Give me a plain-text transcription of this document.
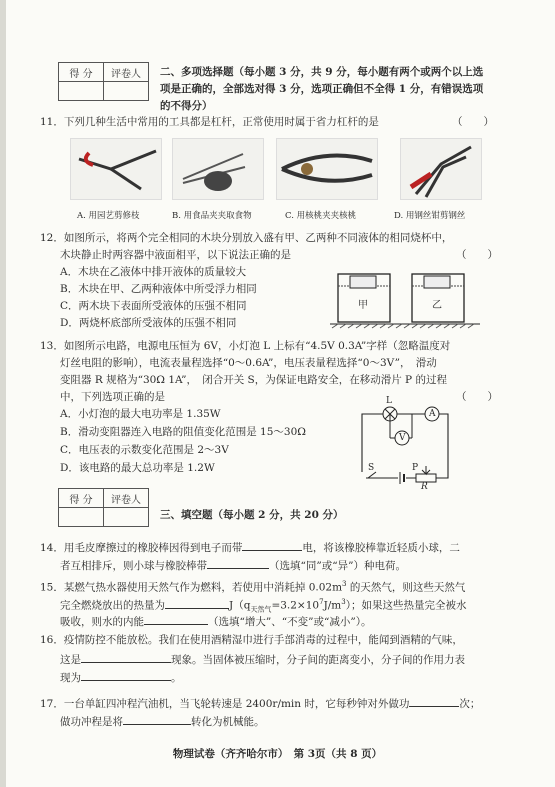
得 分	评卷人
	二、多项选择题（每小题 3 分，共 9 分，每小题有两个或两个以上选
项是正确的，全部选对得 3 分，选项正确但不全得 1 分，有错误选项
的不得分）
11．下列几种生活中常用的工具都是杠杆，正常使用时属于省力杠杆的是	（　　）
A. 用园艺剪修枝	B. 用食品夹夹取食物	C. 用核桃夹夹核桃	D. 用钢丝钳剪钢丝
12．如图所示，将两个完全相同的木块分别放入盛有甲、乙两种不同液体的相同烧杯中，
木块静止时两容器中液面相平，以下说法正确的是	（　　）
A．木块在乙液体中排开液体的质量较大
B．木块在甲、乙两种液体中所受浮力相同
C．两木块下表面所受液体的压强不相同
D．两烧杯底部所受液体的压强不相同
甲	乙
13．如图所示电路，电源电压恒为 6V，小灯泡 L 上标有“4.5V 0.3A”字样（忽略温度对
灯丝电阻的影响），电流表量程选择“0～0.6A”，电压表量程选择“0～3V”，　滑动
变阻器 R 规格为“30Ω 1A”，　闭合开关 S，为保证电路安全，在移动滑片 P 的过程
中，下列选项正确的是	（　　）
A．小灯泡的最大电功率是 1.35W
B．滑动变阻器连入电路的阻值变化范围是 15～30Ω
C．电压表的示数变化范围是 2～3V
D．该电路的最大总功率是 1.2W
L
A
V
S	P
R
得 分	评卷人

三、填空题（每小题 2 分，共 20 分）
14．用毛皮摩擦过的橡胶棒因得到电子而带	电，将该橡胶棒靠近轻质小球，二
者互相排斥，则小球与橡胶棒带	（选填“同”或“异”）种电荷。
15．某燃气热水器使用天然气作为燃料，若使用中消耗掉 $0.02m^3$ 的天然气，则这些天然气
完全燃烧放出的热量为	$J(q_{天然气}=3.2\times 10^7J/m^3)$；如果这些热量完全被水
吸收，则水的内能	（选填“增大”、“不变”或“减小”）。
16．疫情防控不能放松。我们在使用酒精湿巾进行手部消毒的过程中，能闻到酒精的气味，
这是	现象。当固体被压缩时，分子间的距离变小，分子间的作用力表
现为	。
17．一台单缸四冲程汽油机，当飞轮转速是 2400r/min 时，它每秒钟对外做功	次；
做功冲程是将	转化为机械能。
物理试卷（齐齐哈尔市）　第 3页（共 8 页）
